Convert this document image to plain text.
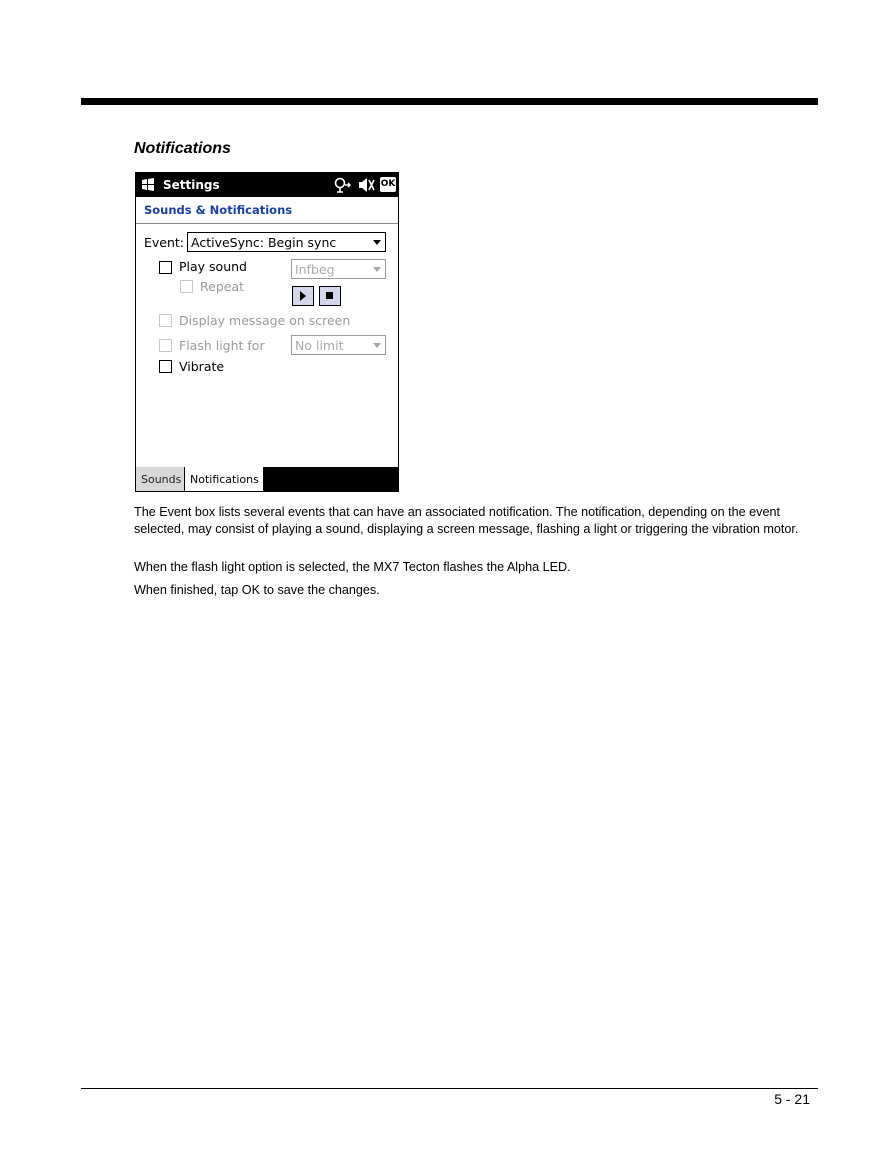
Notifications
Settings	OK
Sounds & Notifications
Event: ActiveSync: Begin sync
Play sound	Infbeg
Repeat
Display message on screen
Flash light for No limit
Vibrate
Sounds Notifications

The Event box lists several events that can have an associated notification. The notification, depending on the event selected, may consist of playing a sound, displaying a screen message, flashing a light or triggering the vibration motor.

When the flash light option is selected, the MX7 Tecton flashes the Alpha LED.

When finished, tap OK to save the changes.

5 - 21
